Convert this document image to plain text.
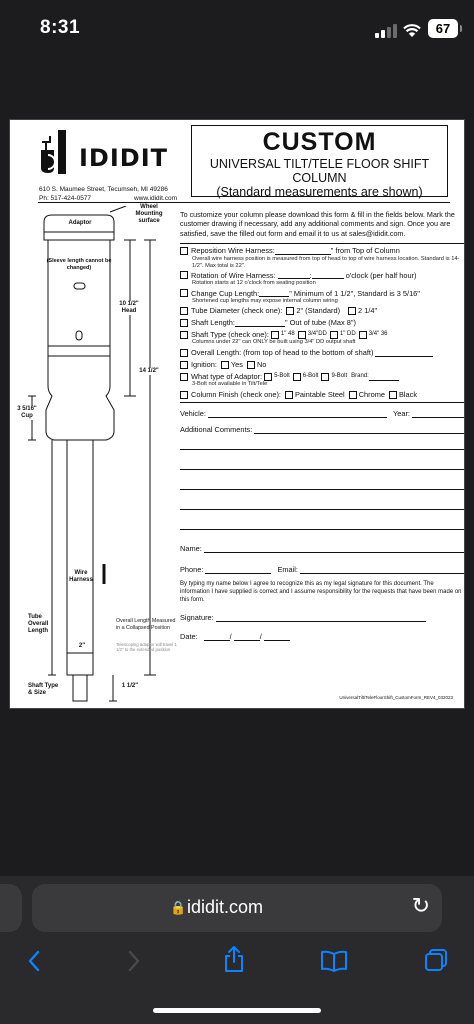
8:31	67
IDIDIT
610 S. Maumee Street, Tecumseh, MI 49286
Ph: 517-424-0577	www.ididit.com
CUSTOM
UNIVERSAL TILT/TELE FLOOR SHIFT COLUMN
(Standard measurements are shown)
Wheel Mounting surface
Adaptor
(Sleeve length cannot be changed)
10 1/2" Head
14 1/2"
3 5/16" Cup
Wire Harness
Tube Overall Length
2"
Overall Length Measured in a Collapsed Position
Telescoping adaptor will travel 1 1/2" to the extended position
Shaft Type & Size
1 1/2"
To customize your column please download this form & fill in the fields below. Mark the customer drawing if necessary, add any additional comments and sign. Once you are satisfied, save the filled out form and email it to us at sales@ididit.com.
Reposition Wire Harness:	" from Top of Column
Overall wire harness position is measured from top of head to top of wire harness location. Standard is 14-1/2". Max total is 22".
Rotation of Wire Harness:	:	o'clock (per half hour)
Rotation starts at 12 o'clock from seating position
Change Cup Length:	" Minimum of 1 1/2", Standard is 3 5/16"
Shortened cup lengths may expose internal column wiring
Tube Diameter (check one): 2" (Standard) 2 1/4"
Shaft Length:	" Out of tube (Max 8")
Shaft Type (check one): 1" 48 3/4"DD 1" DD 3/4" 36
Columns under 22" can ONLY be built using 3/4" DD output shaft
Overall Length: (from top of head to the bottom of shaft)
Ignition: Yes No
What type of Adaptor: 5-Bolt 6-Bolt 9-Bolt Brand:
3-Bolt not available in Tilt/Tele
Column Finish (check one): Paintable Steel Chrome Black
Vehicle:	Year:
Additional Comments:
Name:
Phone:	Email:
By typing my name below I agree to recognize this as my legal signature for this document. The information I have supplied is correct and I assume responsibility for the requests that have been made on this form.
Signature:
Date:	/	/
UniversalTilt/TeleFloorShift_CustomForm_REV4_032023
🔒 ididit.com	↻
